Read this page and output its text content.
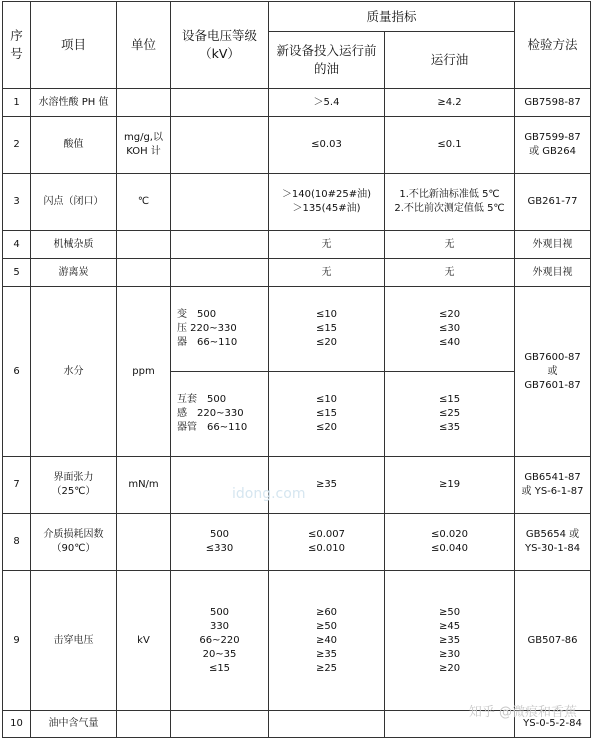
序
号	项目	单位	设备电压等级
（kV）	质量指标		检验方法

				新设备投入运行前
的油	运行油	
1	水溶性酸 PH 值			＞5.4	≥4.2	GB7598-87
2	酸值	mg/g,以
KOH 计		≤0.03	≤0.1	GB7599-87
或 GB264

3	闪点（闭口）	℃		＞140(10#25#油)
＞135(45#油)	1.不比新油标准低 5℃
2.不比前次测定值低 5℃	GB261-77
4	机械杂质			无	无	外观目视
5	游离炭			无	无	外观目视
6	水分	ppm	变　500
压 220~330
器　66~110	≤10
≤15
≤20	≤20
≤30
≤40	GB7600-87
或
GB7601-87

			互套　500
感　220~330
器管　66~110	≤10
≤15
≤20	≤15
≤25
≤35	

7	界面张力
（25℃）	mN/m		≥35	≥19	GB6541-87
或 YS-6-1-87

8	介质损耗因数
（90℃）		500
≤330	≤0.007
≤0.010	≤0.020
≤0.040	GB5654 或
YS-30-1-84

9	击穿电压	kV	500
330
66~220
20~35
≤15	≥60
≥50
≥40
≥35
≥25	≥50
≥45
≥35
≥30
≥20	GB507-86
10	油中含气量					YS-0-5-2-84
idong.com
知乎 @微痕和香蕉
